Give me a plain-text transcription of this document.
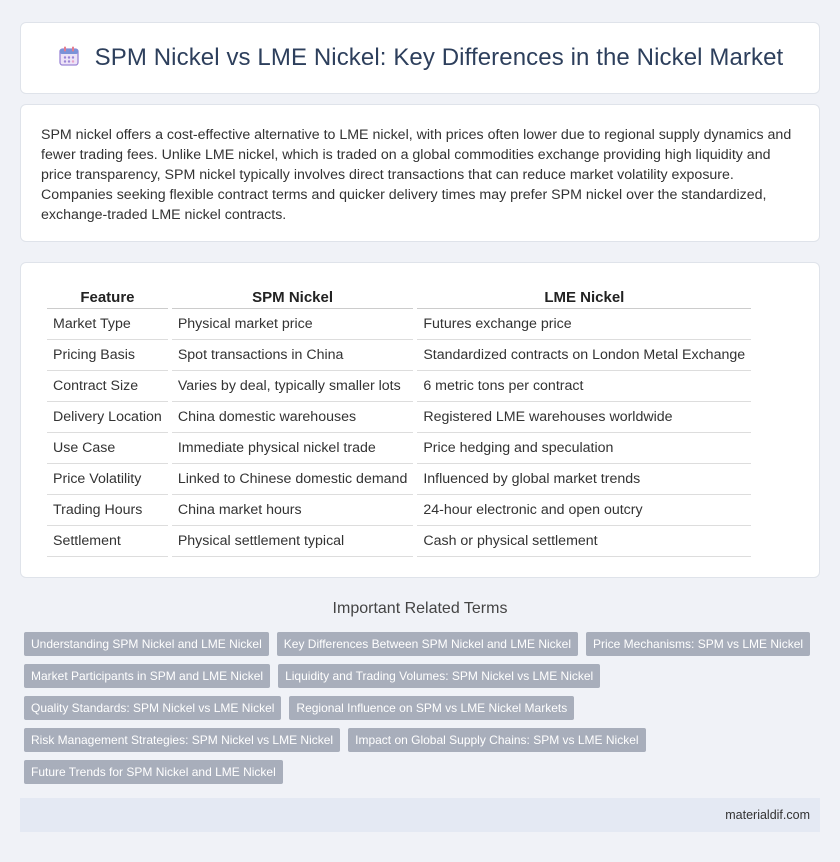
SPM Nickel vs LME Nickel: Key Differences in the Nickel Market

SPM nickel offers a cost-effective alternative to LME nickel, with prices often lower due to regional supply dynamics and fewer trading fees. Unlike LME nickel, which is traded on a global commodities exchange providing high liquidity and price transparency, SPM nickel typically involves direct transactions that can reduce market volatility exposure. Companies seeking flexible contract terms and quicker delivery times may prefer SPM nickel over the standardized, exchange-traded LME nickel contracts.

Feature	SPM Nickel	LME Nickel
Market Type	Physical market price	Futures exchange price
Pricing Basis	Spot transactions in China	Standardized contracts on London Metal Exchange
Contract Size	Varies by deal, typically smaller lots	6 metric tons per contract
Delivery Location	China domestic warehouses	Registered LME warehouses worldwide
Use Case	Immediate physical nickel trade	Price hedging and speculation
Price Volatility	Linked to Chinese domestic demand	Influenced by global market trends
Trading Hours	China market hours	24-hour electronic and open outcry
Settlement	Physical settlement typical	Cash or physical settlement
Important Related Terms
Understanding SPM Nickel and LME Nickel	Key Differences Between SPM Nickel and LME Nickel	Price Mechanisms: SPM vs LME Nickel
Market Participants in SPM and LME Nickel	Liquidity and Trading Volumes: SPM Nickel vs LME Nickel
Quality Standards: SPM Nickel vs LME Nickel	Regional Influence on SPM vs LME Nickel Markets
Risk Management Strategies: SPM Nickel vs LME Nickel	Impact on Global Supply Chains: SPM vs LME Nickel
Future Trends for SPM Nickel and LME Nickel
materialdif.com
